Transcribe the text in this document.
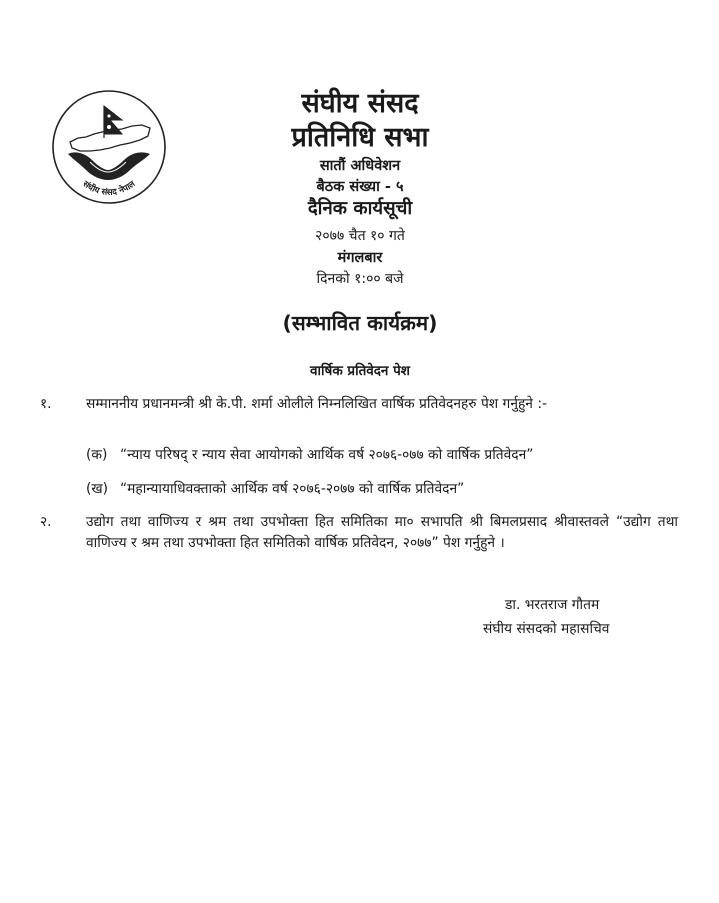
संघीय संसद नेपाल
संघीय संसद
प्रतिनिधि सभा
सातौं अधिवेशन
बैठक संख्या - ५
दैनिक कार्यसूची
२०७७ चैत १० गते
मंगलबार
दिनको १:०० बजे
(सम्भावित कार्यक्रम)
वार्षिक प्रतिवेदन पेश
१.	सम्माननीय प्रधानमन्त्री श्री के.पी. शर्मा ओलीले निम्नलिखित वार्षिक प्रतिवेदनहरु पेश गर्नुहुने :-
(क) “न्याय परिषद् र न्याय सेवा आयोगको आर्थिक वर्ष २०७६-०७७ को वार्षिक प्रतिवेदन”
(ख) “महान्यायाधिवक्ताको आर्थिक वर्ष २०७६-२०७७ को वार्षिक प्रतिवेदन”
२.	उद्योग तथा वाणिज्य र श्रम तथा उपभोक्ता हित समितिका मा० सभापति श्री बिमलप्रसाद श्रीवास्तवले “उद्योग तथा वाणिज्य र श्रम तथा उपभोक्ता हित समितिको वार्षिक प्रतिवेदन, २०७७” पेश गर्नुहुने ।
डा. भरतराज गौतम
संघीय संसदको महासचिव
